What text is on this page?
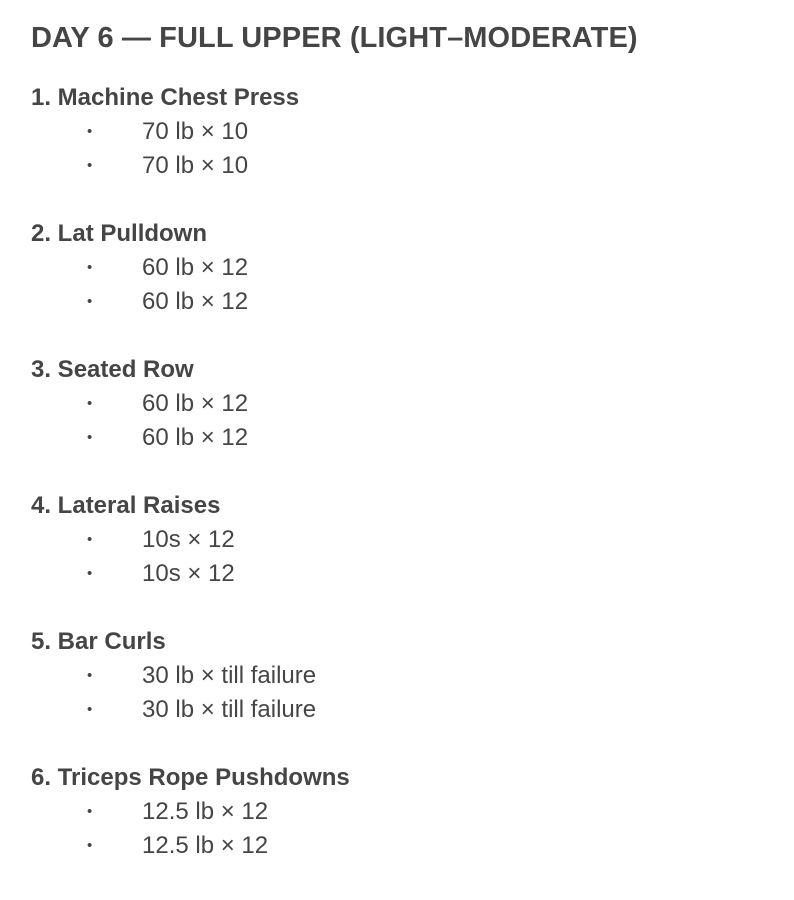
DAY 6 — FULL UPPER (LIGHT–MODERATE)
1. Machine Chest Press
• 70 lb × 10
• 70 lb × 10
2. Lat Pulldown
• 60 lb × 12
• 60 lb × 12
3. Seated Row
• 60 lb × 12
• 60 lb × 12
4. Lateral Raises
• 10s × 12
• 10s × 12
5. Bar Curls
• 30 lb × till failure
• 30 lb × till failure
6. Triceps Rope Pushdowns
• 12.5 lb × 12
• 12.5 lb × 12
